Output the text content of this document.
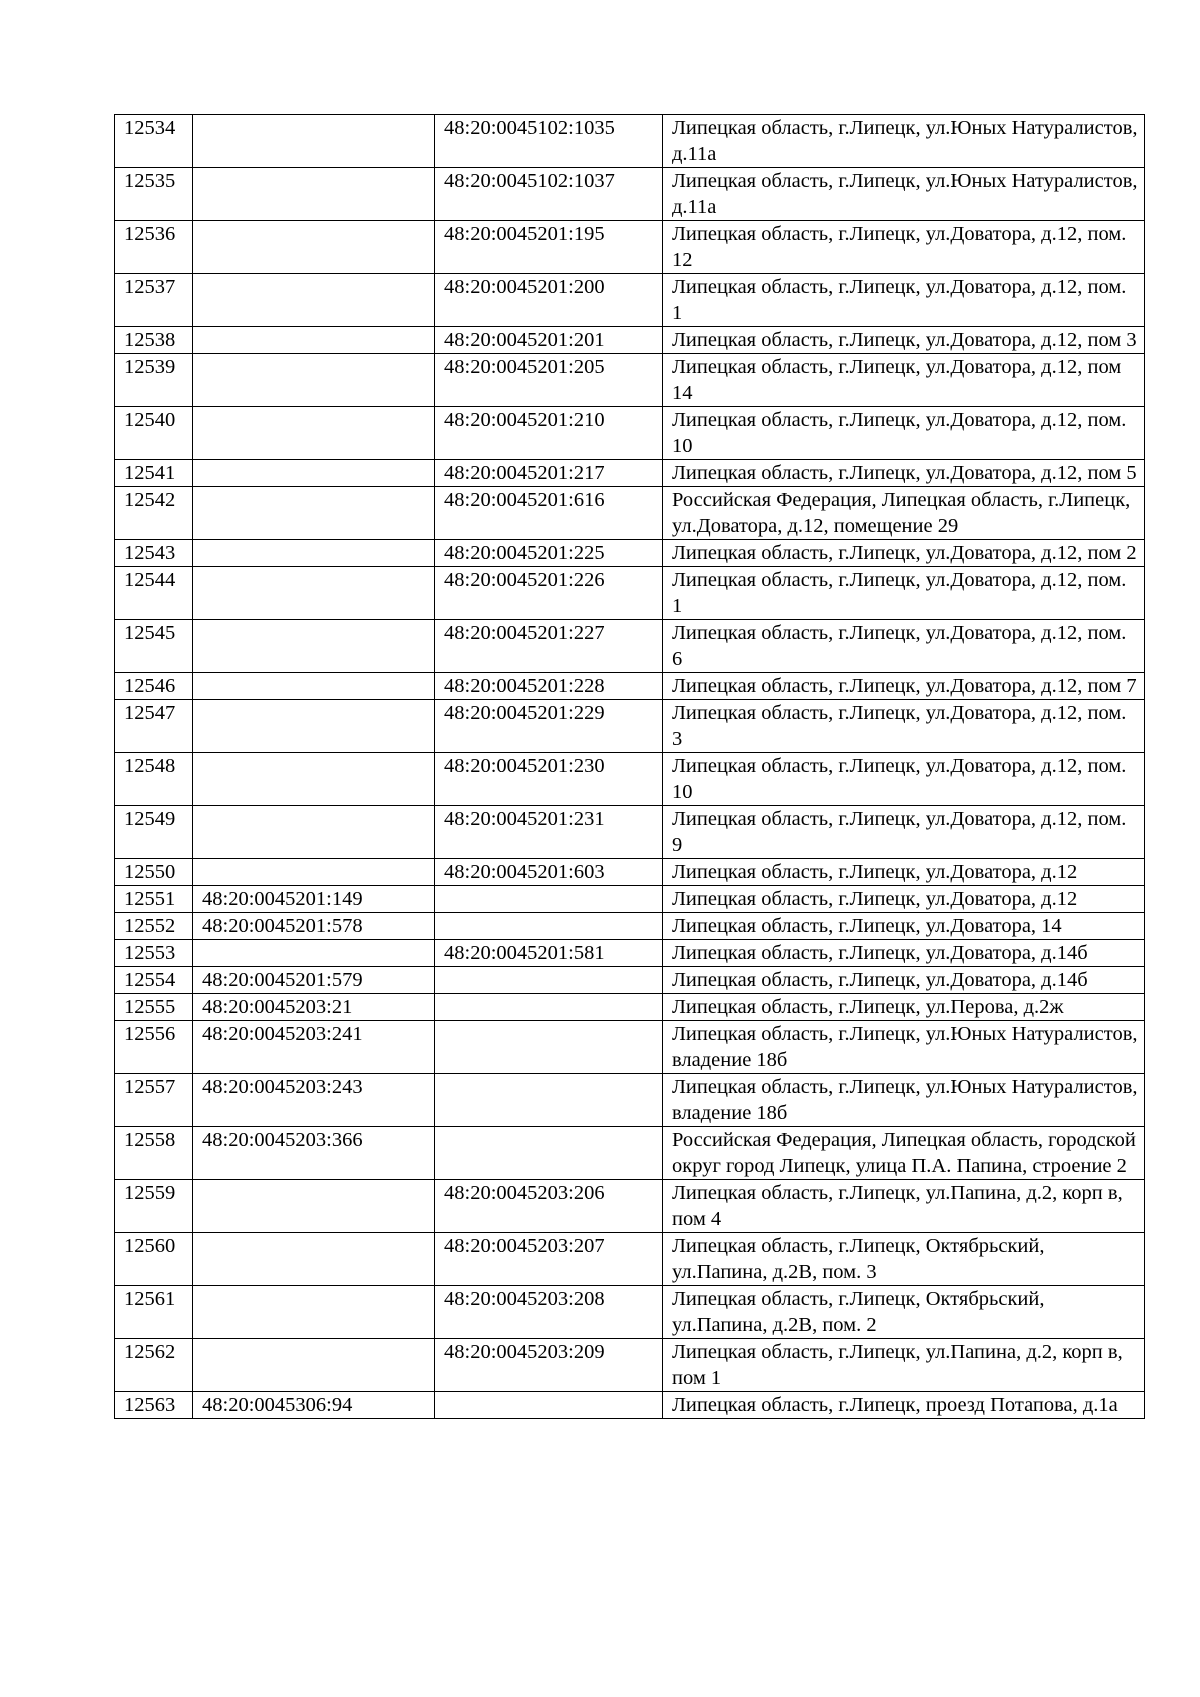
12534		48:20:0045102:1035	Липецкая область, г.Липецк, ул.Юных Натуралистов, д.11а
12535		48:20:0045102:1037	Липецкая область, г.Липецк, ул.Юных Натуралистов, д.11а
12536		48:20:0045201:195	Липецкая область, г.Липецк, ул.Доватора, д.12, пом. 12
12537		48:20:0045201:200	Липецкая область, г.Липецк, ул.Доватора, д.12, пом. 1
12538		48:20:0045201:201	Липецкая область, г.Липецк, ул.Доватора, д.12, пом 3
12539		48:20:0045201:205	Липецкая область, г.Липецк, ул.Доватора, д.12, пом 14
12540		48:20:0045201:210	Липецкая область, г.Липецк, ул.Доватора, д.12, пом. 10
12541		48:20:0045201:217	Липецкая область, г.Липецк, ул.Доватора, д.12, пом 5
12542		48:20:0045201:616	Российская Федерация, Липецкая область, г.Липецк, ул.Доватора, д.12, помещение 29
12543		48:20:0045201:225	Липецкая область, г.Липецк, ул.Доватора, д.12, пом 2
12544		48:20:0045201:226	Липецкая область, г.Липецк, ул.Доватора, д.12, пом. 1
12545		48:20:0045201:227	Липецкая область, г.Липецк, ул.Доватора, д.12, пом. 6
12546		48:20:0045201:228	Липецкая область, г.Липецк, ул.Доватора, д.12, пом 7
12547		48:20:0045201:229	Липецкая область, г.Липецк, ул.Доватора, д.12, пом. 3
12548		48:20:0045201:230	Липецкая область, г.Липецк, ул.Доватора, д.12, пом. 10
12549		48:20:0045201:231	Липецкая область, г.Липецк, ул.Доватора, д.12, пом. 9
12550		48:20:0045201:603	Липецкая область, г.Липецк, ул.Доватора, д.12
12551	48:20:0045201:149		Липецкая область, г.Липецк, ул.Доватора, д.12
12552	48:20:0045201:578		Липецкая область, г.Липецк, ул.Доватора, 14
12553		48:20:0045201:581	Липецкая область, г.Липецк, ул.Доватора, д.14б
12554	48:20:0045201:579		Липецкая область, г.Липецк, ул.Доватора, д.14б
12555	48:20:0045203:21		Липецкая область, г.Липецк, ул.Перова, д.2ж
12556	48:20:0045203:241		Липецкая область, г.Липецк, ул.Юных Натуралистов, владение 18б
12557	48:20:0045203:243		Липецкая область, г.Липецк, ул.Юных Натуралистов, владение 18б
12558	48:20:0045203:366		Российская Федерация, Липецкая область, городской округ город Липецк, улица П.А. Папина, строение 2
12559		48:20:0045203:206	Липецкая область, г.Липецк, ул.Папина, д.2, корп в, пом 4
12560		48:20:0045203:207	Липецкая область, г.Липецк, Октябрьский, ул.Папина, д.2В, пом. 3
12561		48:20:0045203:208	Липецкая область, г.Липецк, Октябрьский, ул.Папина, д.2В, пом. 2
12562		48:20:0045203:209	Липецкая область, г.Липецк, ул.Папина, д.2, корп в, пом 1
12563	48:20:0045306:94		Липецкая область, г.Липецк, проезд Потапова, д.1а
